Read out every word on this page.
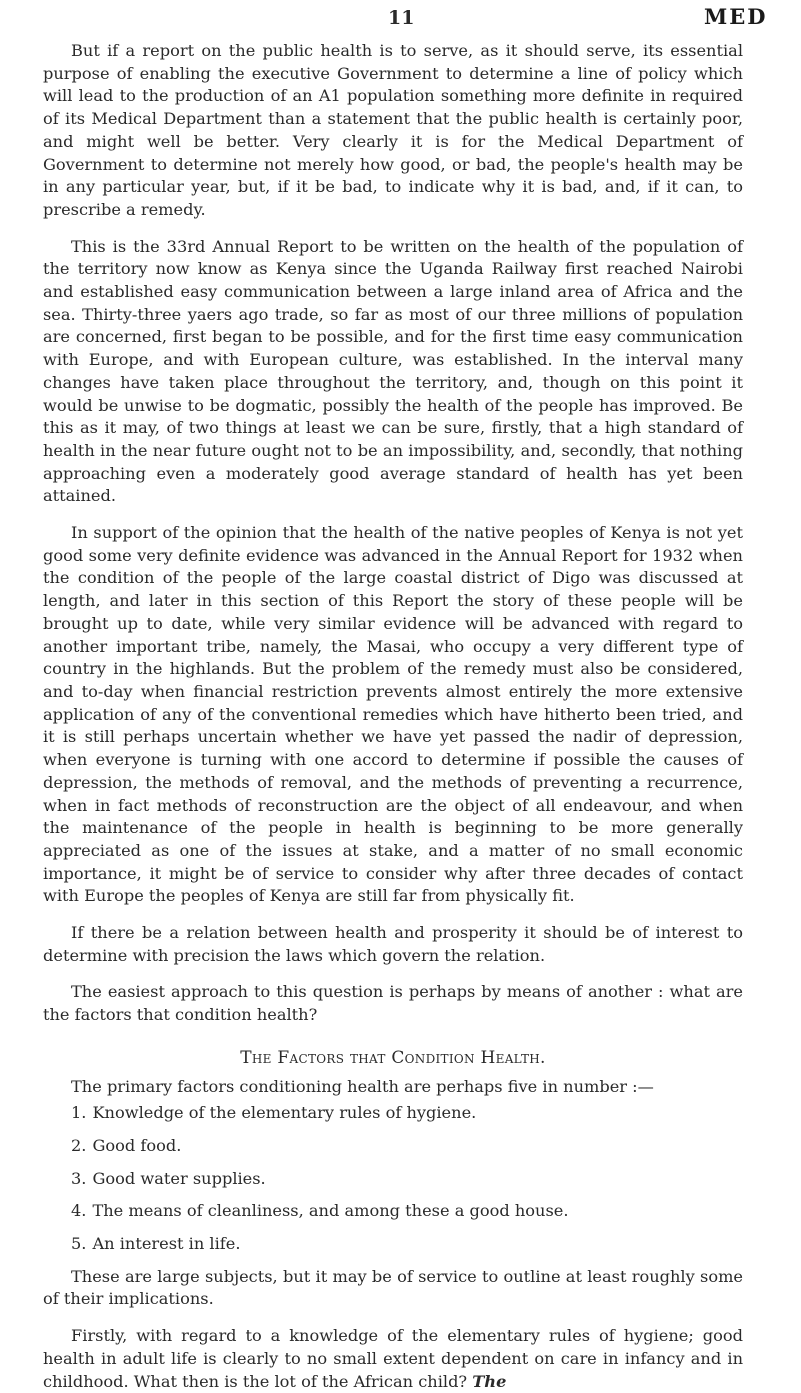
11	MED

But if a report on the public health is to serve, as it should serve, its essential purpose of enabling the executive Government to determine a line of policy which will lead to the production of an A1 population something more definite in required of its Medical Department than a statement that the public health is certainly poor, and might well be better. Very clearly it is for the Medical Department of Government to determine not merely how good, or bad, the people's health may be in any particular year, but, if it be bad, to indicate why it is bad, and, if it can, to prescribe a remedy.

This is the 33rd Annual Report to be written on the health of the population of the territory now know as Kenya since the Uganda Railway first reached Nairobi and established easy communication between a large inland area of Africa and the sea. Thirty-three yaers ago trade, so far as most of our three millions of population are concerned, first began to be possible, and for the first time easy communication with Europe, and with European culture, was established. In the interval many changes have taken place throughout the territory, and, though on this point it would be unwise to be dogmatic, possibly the health of the people has improved. Be this as it may, of two things at least we can be sure, firstly, that a high standard of health in the near future ought not to be an impossibility, and, secondly, that nothing approaching even a moderately good average standard of health has yet been attained.

In support of the opinion that the health of the native peoples of Kenya is not yet good some very definite evidence was advanced in the Annual Report for 1932 when the condition of the people of the large coastal district of Digo was discussed at length, and later in this section of this Report the story of these people will be brought up to date, while very similar evidence will be advanced with regard to another important tribe, namely, the Masai, who occupy a very different type of country in the highlands. But the problem of the remedy must also be considered, and to-day when financial restriction prevents almost entirely the more extensive application of any of the conventional remedies which have hitherto been tried, and it is still perhaps uncertain whether we have yet passed the nadir of depression, when everyone is turning with one accord to determine if possible the causes of depression, the methods of removal, and the methods of preventing a recurrence, when in fact methods of reconstruction are the object of all endeavour, and when the maintenance of the people in health is beginning to be more generally appreciated as one of the issues at stake, and a matter of no small economic importance, it might be of service to consider why after three decades of contact with Europe the peoples of Kenya are still far from physically fit.

If there be a relation between health and prosperity it should be of interest to determine with precision the laws which govern the relation.

The easiest approach to this question is perhaps by means of another : what are the factors that condition health?

The Factors that Condition Health.

The primary factors conditioning health are perhaps five in number :—

1. Knowledge of the elementary rules of hygiene.
2. Good food.
3. Good water supplies.
4. The means of cleanliness, and among these a good house.
5. An interest in life.

These are large subjects, but it may be of service to outline at least roughly some of their implications.

Firstly, with regard to a knowledge of the elementary rules of hygiene; good health in adult life is clearly to no small extent dependent on care in infancy and in childhood. What then is the lot of the African child? The
